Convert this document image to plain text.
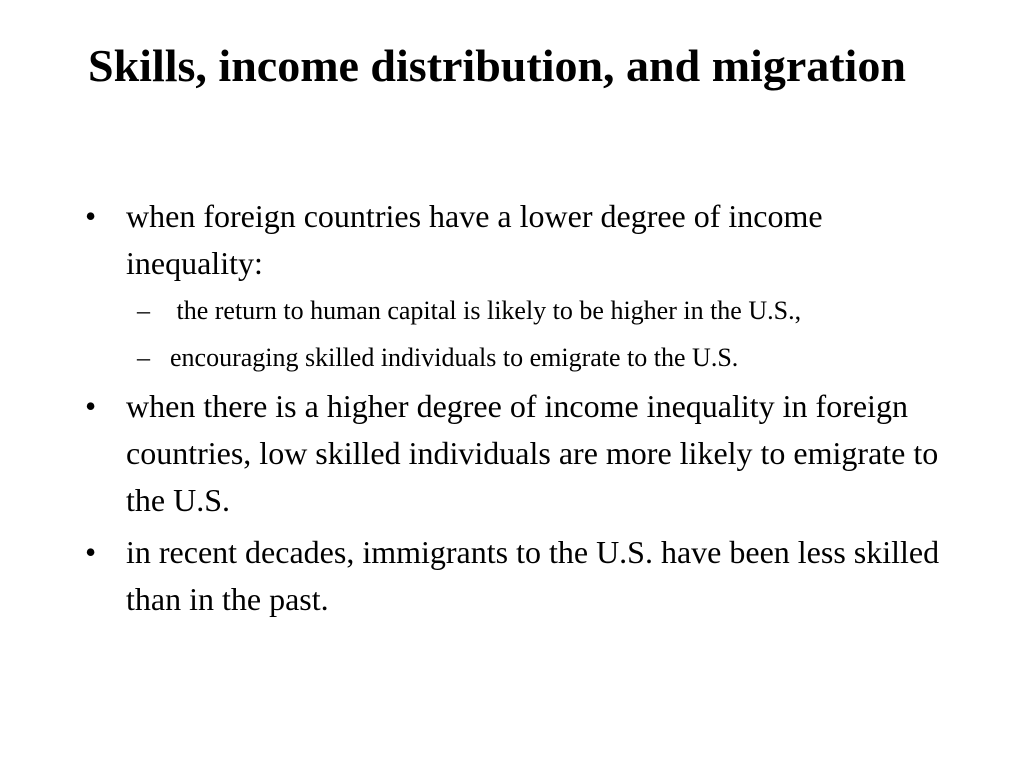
Skills, income distribution, and migration
• when foreign countries have a lower degree of income inequality:
– the return to human capital is likely to be higher in the U.S.,
– encouraging skilled individuals to emigrate to the U.S.
• when there is a higher degree of income inequality in foreign countries, low skilled individuals are more likely to emigrate to the U.S.
• in recent decades, immigrants to the U.S. have been less skilled than in the past.
